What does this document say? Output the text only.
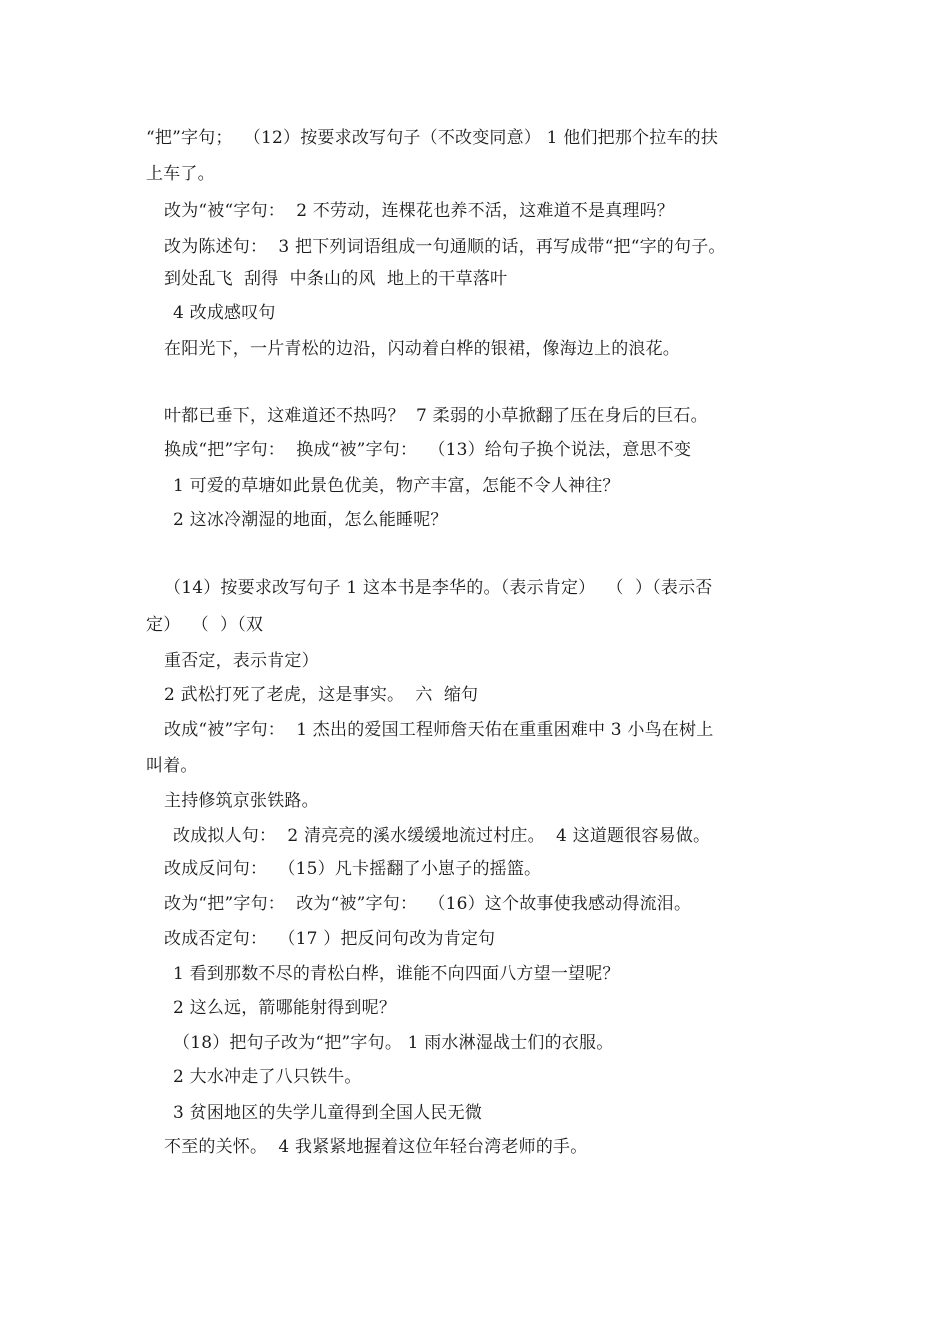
“把”字句；  （12）按要求改写句子（不改变同意） 1 他们把那个拉车的扶
上车了。
改为“被“字句：  2 不劳动，连棵花也养不活，这难道不是真理吗？
改为陈述句：  3 把下列词语组成一句通顺的话，再写成带“把“字的句子。
到处乱飞  刮得  中条山的风  地上的干草落叶
4 改成感叹句
在阳光下，一片青松的边沿，闪动着白桦的银裙，像海边上的浪花。
叶都已垂下，这难道还不热吗？  7 柔弱的小草掀翻了压在身后的巨石。
换成“把”字句：  换成“被”字句：  （13）给句子换个说法，意思不变
1 可爱的草塘如此景色优美，物产丰富，怎能不令人神往？
2 这冰冷潮湿的地面，怎么能睡呢？
（14）按要求改写句子 1 这本书是李华的。（表示肯定）  （  ）（表示否
定）  （  ）（双
重否定，表示肯定）
2 武松打死了老虎，这是事实。  六  缩句
改成“被”字句：  1 杰出的爱国工程师詹天佑在重重困难中 3 小鸟在树上
叫着。
主持修筑京张铁路。
改成拟人句：  2 清亮亮的溪水缓缓地流过村庄。  4 这道题很容易做。
改成反问句：  （15）凡卡摇翻了小崽子的摇篮。
改为“把”字句：  改为“被”字句：  （16）这个故事使我感动得流泪。
改成否定句：  （17 ）把反问句改为肯定句
1 看到那数不尽的青松白桦，谁能不向四面八方望一望呢？
2 这么远，箭哪能射得到呢？
（18）把句子改为“把”字句。 1 雨水淋湿战士们的衣服。
2 大水冲走了八只铁牛。
3 贫困地区的失学儿童得到全国人民无微
不至的关怀。  4 我紧紧地握着这位年轻台湾老师的手。
